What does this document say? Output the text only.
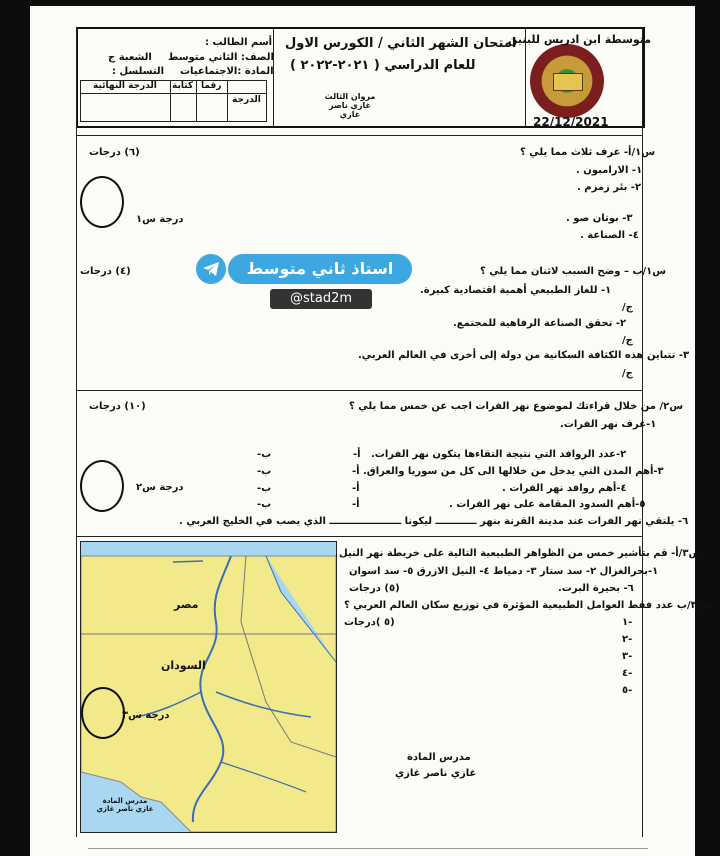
متوسطة ابن ادريس للبنين
22/12/2021
امتحان الشهر الثاني / الكورس الاول
للعام الدراسي ( ٢٠٢١-٢٠٢٢ )
مروان الثالث غازي ناصر غازي
أسم الطالب :
الصف: الثاني متوسط
الشعبة ج
المادة :الاجتماعيات
التسلسل :
الدرجة النهائية كتابة رقما
الدرجة
س١/أ- عرف ثلاث مما يلي ؟
(٦) درجات
١- الارامبون .
٢- بئر زمزم .
٣- بوتان صو .
٤- الصناعة .
درجة س١
استاذ ثاني متوسط
@stad2m
س١/ب – وضح السبب لاثنان مما يلي ؟
(٤) درجات
١- للغاز الطبيعي أهمية اقتصادية كبيرة.
ج/
٢- تحقق الصناعة الرفاهية للمجتمع.
ج/
٣- تتباين هذه الكثافة السكانية من دولة إلى أخرى في العالم العربي.
ج/
س٢/ من خلال قراءتك لموضوع نهر الفرات اجب عن خمس مما يلي ؟
(١٠) درجات
١-عرف نهر الفرات.
٢-عدد الروافد التي نتيجة التقاءها يتكون نهر الفرات.
٣-أهم المدن التي يدخل من خلالها الى كل من سوريا والعراق.
٤-أهم روافد نهر الفرات .
٥-أهم السدود المقامة على نهر الفرات .
٦- يلتقي نهر الفرات عند مدينة القرنة بنهر ــــــــــــ ليكونا ـــــــــــــــــــــ الذي يصب في الخليج العربي .
أ-
ب-
أ-
ب-
أ-
ب-
أ-
ب-
درجة س٢
مصر
السودان
درجة س٣
مدرس المادة غازي ناصر غازي
س٣/أ- قم بتأشير خمس من الظواهر الطبيعية التالية على خريطة نهر النيل
١-بحرالغزال ٢- سد ستار ٣- دمياط ٤- النيل الازرق ٥- سد اسوان
٦- بحيرة البرت.
(٥) درجات
س٣/ب عدد فقط العوامل الطبيعية المؤثرة في توزيع سكان العالم العربي ؟
(٥ )درجات	-١
-٢
-٣
-٤
-٥
مدرس المادة
غازي ناصر غازي
